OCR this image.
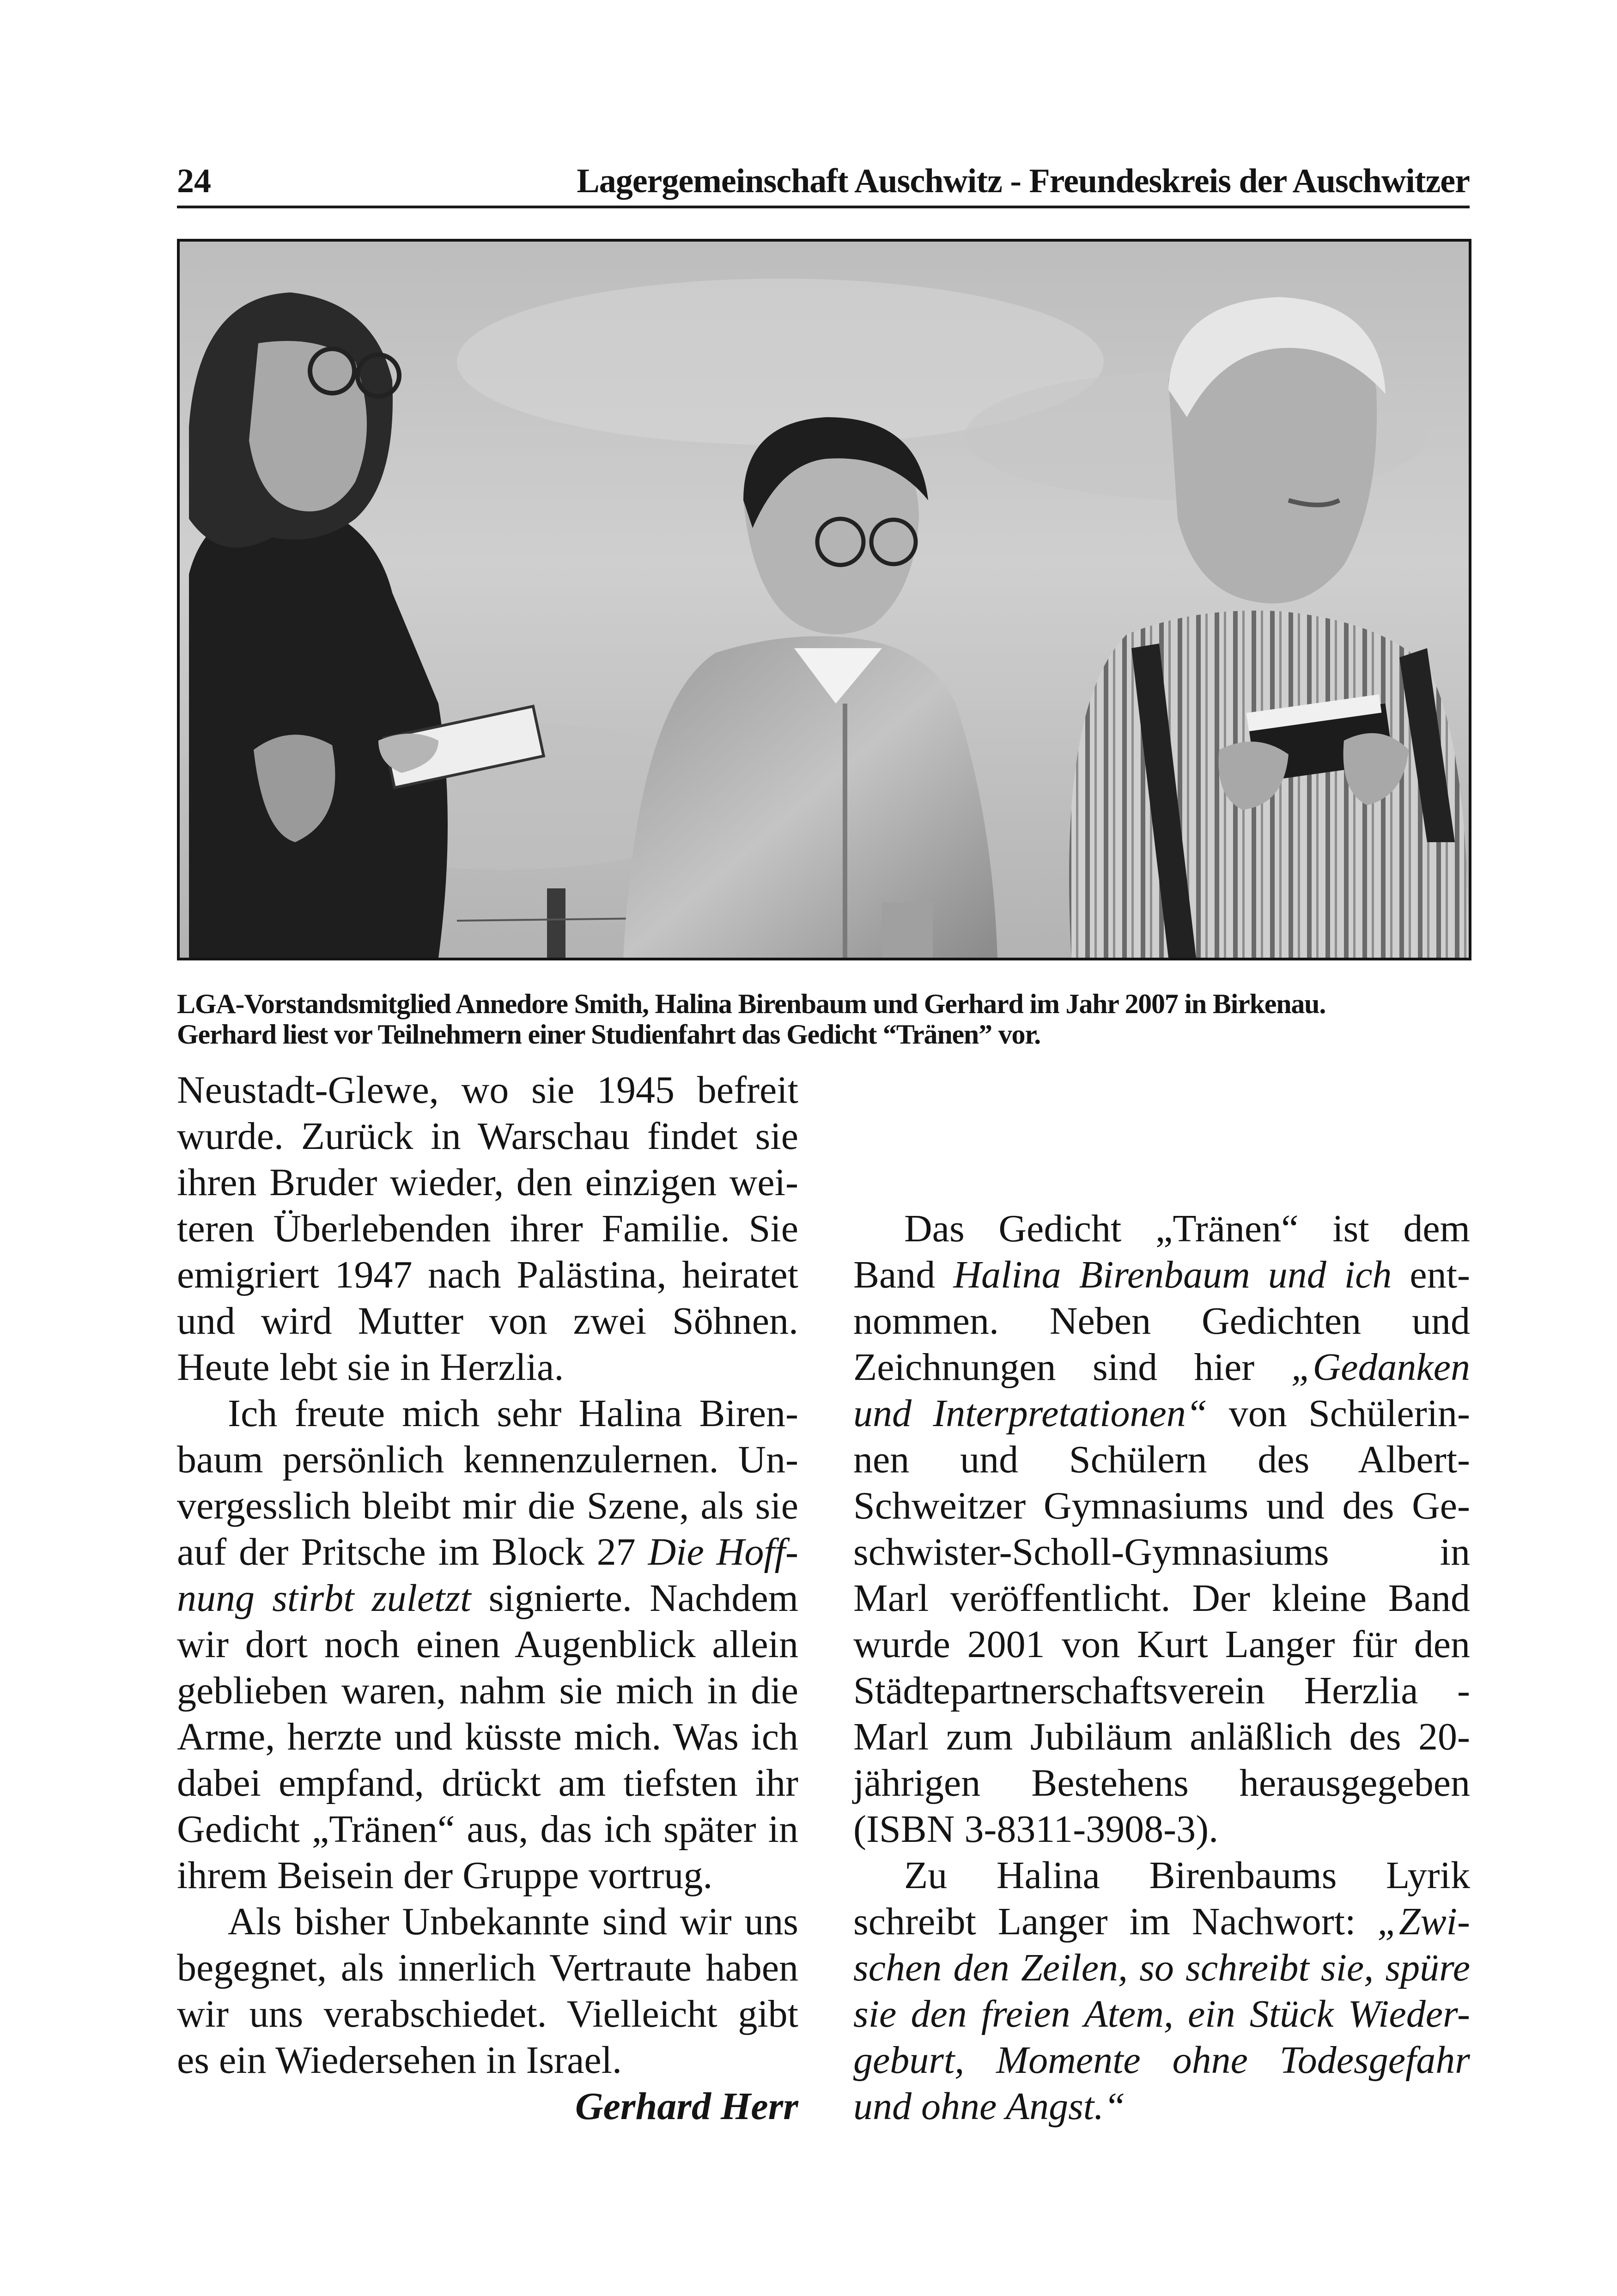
24	Lagergemeinschaft Auschwitz - Freundeskreis der Auschwitzer
LGA-Vorstandsmitglied Annedore Smith, Halina Birenbaum und Gerhard im Jahr 2007 in Birkenau.
Gerhard liest vor Teilnehmern einer Studienfahrt das Gedicht “Tränen” vor.
Neustadt-Glewe, wo sie 1945 befreit
wurde. Zurück in Warschau findet sie
ihren Bruder wieder, den einzigen wei-
teren Überlebenden ihrer Familie. Sie
emigriert 1947 nach Palästina, heiratet
und wird Mutter von zwei Söhnen.
Heute lebt sie in Herzlia.
Ich freute mich sehr Halina Biren-
baum persönlich kennenzulernen. Un-
vergesslich bleibt mir die Szene, als sie
auf der Pritsche im Block 27 Die Hoff-
nung stirbt zuletzt signierte. Nachdem
wir dort noch einen Augenblick allein
geblieben waren, nahm sie mich in die
Arme, herzte und küsste mich. Was ich
dabei empfand, drückt am tiefsten ihr
Gedicht „Tränen“ aus, das ich später in
ihrem Beisein der Gruppe vortrug.
Als bisher Unbekannte sind wir uns
begegnet, als innerlich Vertraute haben
wir uns verabschiedet. Vielleicht gibt
es ein Wiedersehen in Israel.
Gerhard Herr
Das Gedicht „Tränen“ ist dem
Band Halina Birenbaum und ich ent-
nommen. Neben Gedichten und
Zeichnungen sind hier „Gedanken
und Interpretationen“ von Schülerin-
nen und Schülern des Albert-
Schweitzer Gymnasiums und des Ge-
schwister-Scholl-Gymnasiums in
Marl veröffentlicht. Der kleine Band
wurde 2001 von Kurt Langer für den
Städtepartnerschaftsverein Herzlia -
Marl zum Jubiläum anläßlich des 20-
jährigen Bestehens herausgegeben
(ISBN 3-8311-3908-3).
Zu Halina Birenbaums Lyrik
schreibt Langer im Nachwort: „Zwi-
schen den Zeilen, so schreibt sie, spüre
sie den freien Atem, ein Stück Wieder-
geburt, Momente ohne Todesgefahr
und ohne Angst.“
